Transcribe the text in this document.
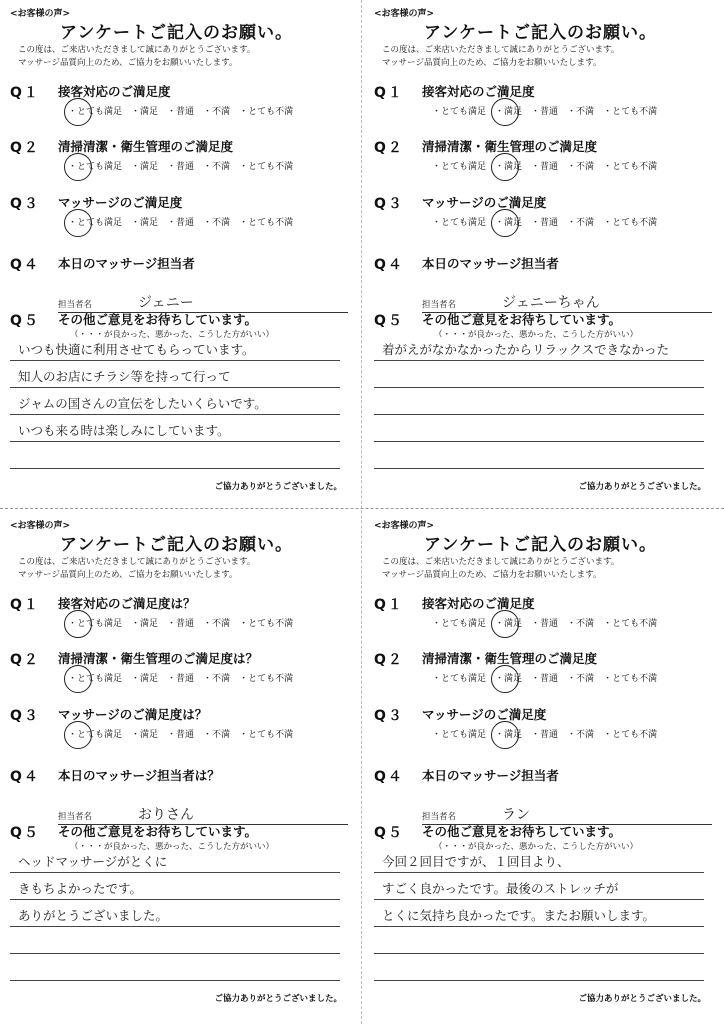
<お客様の声>
アンケートご記入のお願い。
この度は、ご来店いただきまして誠にありがとうございます。
マッサージ品質向上のため、ご協力をお願いいたします。
Q１ 接客対応のご満足度
・とても満足 ・満足 ・普通 ・不満 ・とても不満
Q２ 清掃清潔・衛生管理のご満足度
・とても満足 ・満足 ・普通 ・不満 ・とても不満
Q３ マッサージのご満足度
・とても満足 ・満足 ・普通 ・不満 ・とても不満
Q４ 本日のマッサージ担当者
担当者名	ジェニー
Q５ その他ご意見をお待ちしています。
（・・・が良かった、悪かった、こうした方がいい）
いつも快適に利用させてもらっています。
知人のお店にチラシ等を持って行って
ジャムの国さんの宣伝をしたいくらいです。
いつも来る時は楽しみにしています。
ご協力ありがとうございました。
<お客様の声>
アンケートご記入のお願い。
この度は、ご来店いただきまして誠にありがとうございます。
マッサージ品質向上のため、ご協力をお願いいたします。
Q１ 接客対応のご満足度
・とても満足 ・満足 ・普通 ・不満 ・とても不満
Q２ 清掃清潔・衛生管理のご満足度
・とても満足 ・満足 ・普通 ・不満 ・とても不満
Q３ マッサージのご満足度
・とても満足 ・満足 ・普通 ・不満 ・とても不満
Q４ 本日のマッサージ担当者
担当者名	ジェニーちゃん
Q５ その他ご意見をお待ちしています。
（・・・が良かった、悪かった、こうした方がいい）
着がえがなかなかったからリラックスできなかった
ご協力ありがとうございました。
<お客様の声>
アンケートご記入のお願い。
この度は、ご来店いただきまして誠にありがとうございます。
マッサージ品質向上のため、ご協力をお願いいたします。
Q１ 接客対応のご満足度は？
・とても満足 ・満足 ・普通 ・不満 ・とても不満
Q２ 清掃清潔・衛生管理のご満足度は？
・とても満足 ・満足 ・普通 ・不満 ・とても不満
Q３ マッサージのご満足度は？
・とても満足 ・満足 ・普通 ・不満 ・とても不満
Q４ 本日のマッサージ担当者は？
担当者名	おりさん
Q５ その他ご意見をお待ちしています。
（・・・が良かった、悪かった、こうした方がいい）
ヘッドマッサージがとくに
きもちよかったです。
ありがとうございました。
ご協力ありがとうございました。
<お客様の声>
アンケートご記入のお願い。
この度は、ご来店いただきまして誠にありがとうございます。
マッサージ品質向上のため、ご協力をお願いいたします。
Q１ 接客対応のご満足度
・とても満足 ・満足 ・普通 ・不満 ・とても不満
Q２ 清掃清潔・衛生管理のご満足度
・とても満足 ・満足 ・普通 ・不満 ・とても不満
Q３ マッサージのご満足度
・とても満足 ・満足 ・普通 ・不満 ・とても不満
Q４ 本日のマッサージ担当者
担当者名	ラン
Q５ その他ご意見をお待ちしています。
（・・・が良かった、悪かった、こうした方がいい）
今回２回目ですが、１回目より、
すごく良かったです。最後のストレッチが
とくに気持ち良かったです。またお願いします。
ご協力ありがとうございました。
